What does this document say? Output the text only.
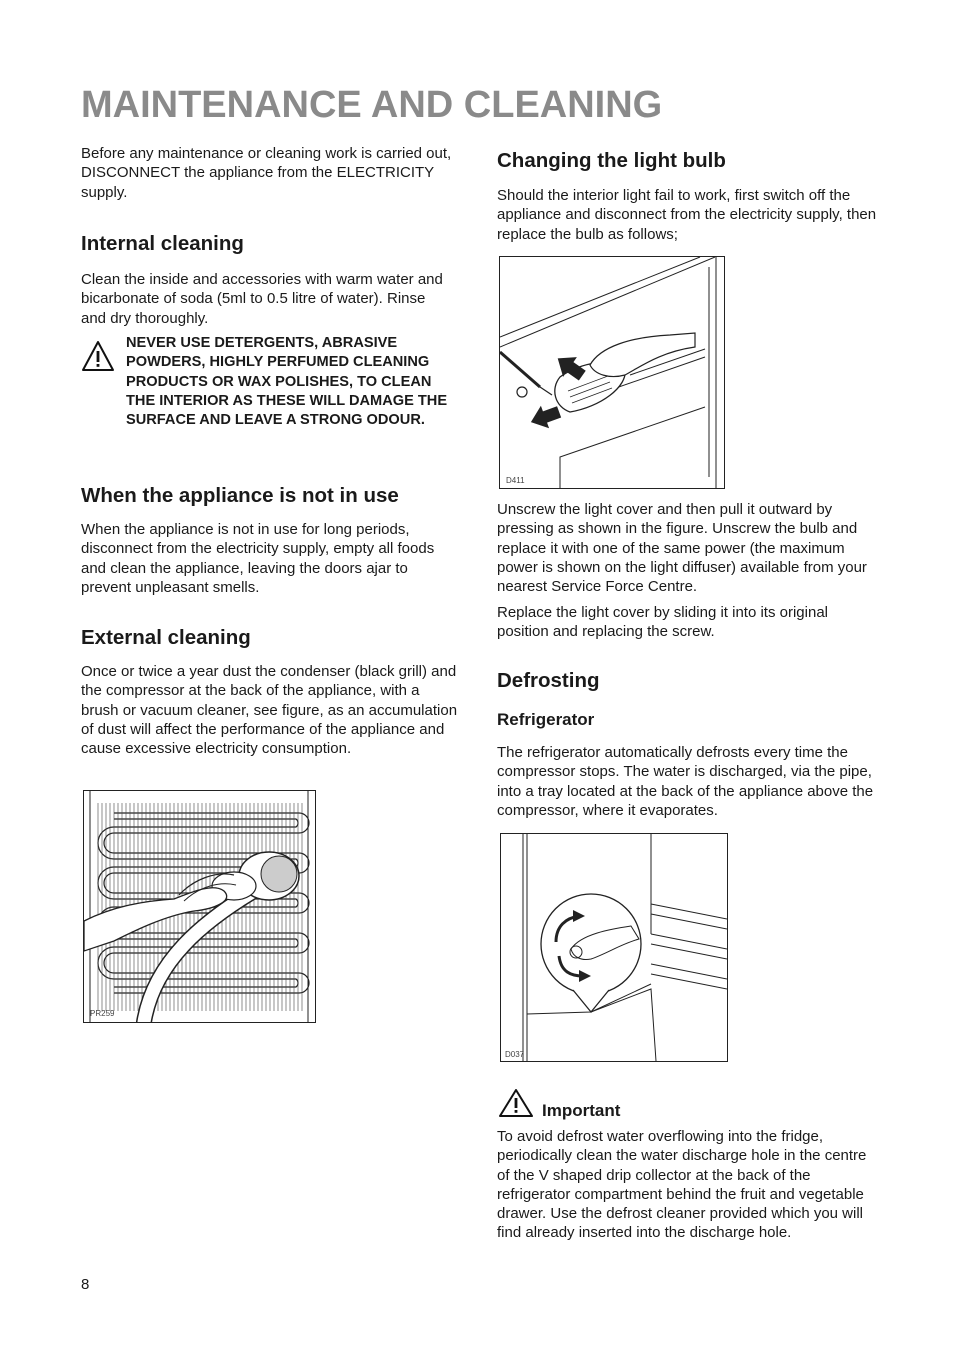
MAINTENANCE AND CLEANING

Before any maintenance or cleaning work is carried out, DISCONNECT the appliance from the ELECTRICITY supply.

Internal cleaning

Clean the inside and accessories with warm water and bicarbonate of soda (5ml to 0.5 litre of water). Rinse and dry thoroughly.

NEVER USE DETERGENTS, ABRASIVE POWDERS, HIGHLY PERFUMED CLEANING PRODUCTS OR WAX POLISHES, TO CLEAN THE INTERIOR AS THESE WILL DAMAGE THE SURFACE AND LEAVE A STRONG ODOUR.

When the appliance is not in use

When the appliance is not in use for long periods, disconnect from the electricity supply, empty all foods and clean the appliance, leaving the doors ajar to prevent unpleasant smells.

External cleaning

Once or twice a year dust the condenser (black grill) and the compressor at the back of the appliance, with a brush or vacuum cleaner, see figure, as an accumulation of dust will affect the performance of the appliance and cause excessive electricity consumption.

PR259
Changing the light bulb

Should the interior light fail to work, first switch off the appliance and disconnect from the electricity supply, then replace the bulb as follows;

D411

Unscrew the light cover and then pull it outward by pressing as shown in the figure. Unscrew the bulb and replace it with one of the same power (the maximum power is shown on the light diffuser) available from your nearest Service Force Centre.

Replace the light cover by sliding it into its original position and replacing the screw.

Defrosting
Refrigerator

The refrigerator automatically defrosts every time the compressor stops. The water is discharged, via the pipe, into a tray located at the back of the appliance above the compressor, where it evaporates.

D037
Important

To avoid defrost water overflowing into the fridge, periodically clean the water discharge hole in the centre of the V shaped drip collector at the back of the refrigerator compartment behind the fruit and vegetable drawer. Use the defrost cleaner provided which you will find already inserted into the discharge hole.

8
